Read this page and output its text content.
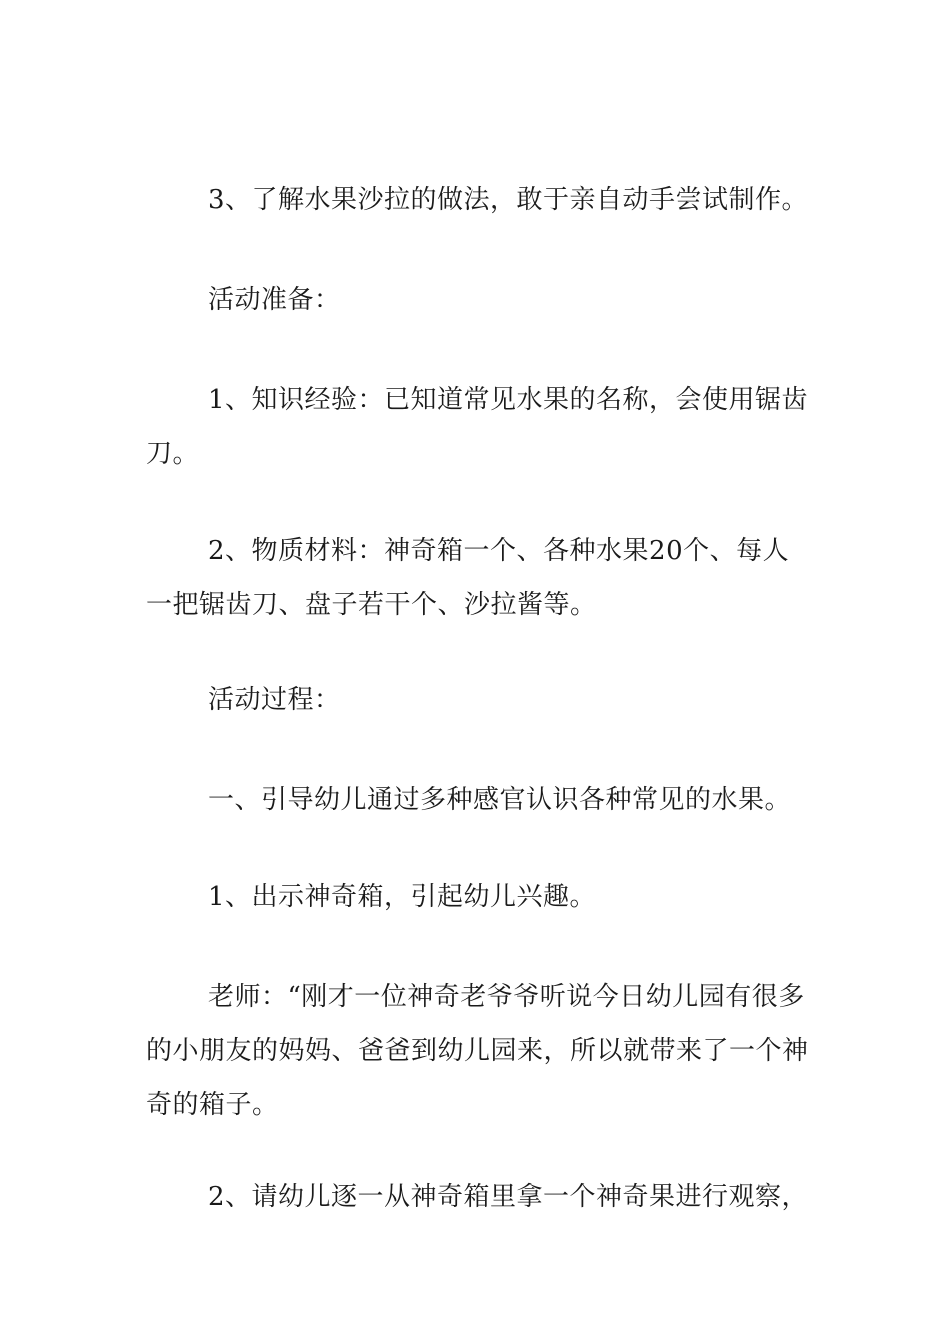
3、了解水果沙拉的做法，敢于亲自动手尝试制作。

活动准备：

1、知识经验：已知道常见水果的名称，会使用锯齿刀。

2、物质材料：神奇箱一个、各种水果20个、每人一把锯齿刀、盘子若干个、沙拉酱等。

活动过程：

一、引导幼儿通过多种感官认识各种常见的水果。

1、出示神奇箱，引起幼儿兴趣。

老师：“刚才一位神奇老爷爷听说今日幼儿园有很多的小朋友的妈妈、爸爸到幼儿园来，所以就带来了一个神奇的箱子。

2、请幼儿逐一从神奇箱里拿一个神奇果进行观察，
